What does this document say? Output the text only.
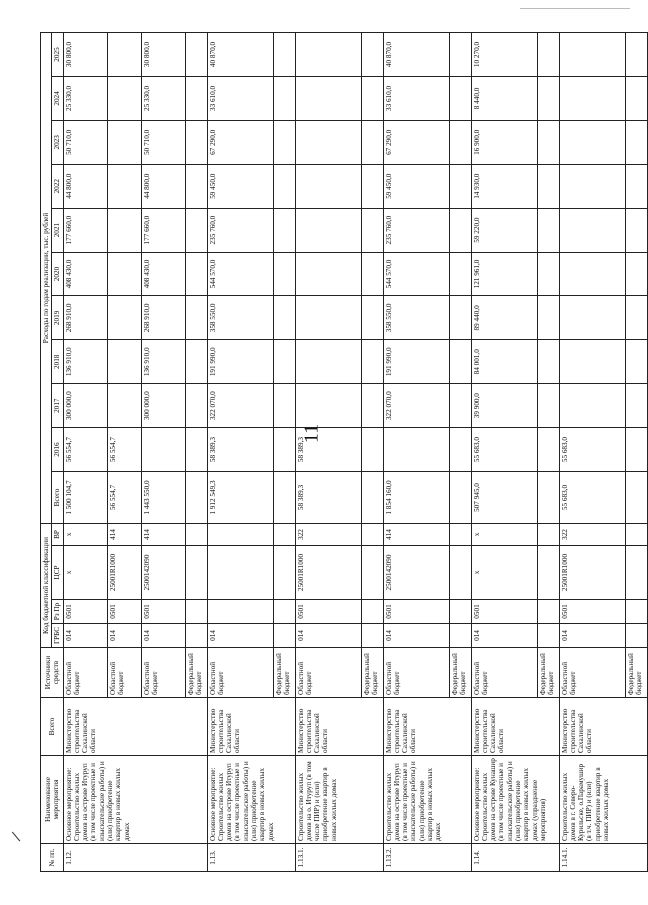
11
№ пп.	Наименование мероприятия	Всего	Источники средств	Код бюджетной классификации				Расходы по годам реализации, тыс. рублей										
				ГРБС	Рз Пр	ЦСР	ВР	Всего	2016	2017	2018	2019	2020	2021	2022	2023	2024	2025
1.12.	Основное мероприятие: Строительство жилых домов на острове Итуруп (в том числе проектные и изыскательские работы) и (или) приобретение квартир в новых жилых домах	Министерство строительства Сахалинской области	Областной бюджет	014	0501	х	х	1 500 104,7	56 554,7	300 000,0	136 910,0	268 910,0	408 430,0	177 660,0	44 800,0	50 710,0	25 330,0	30 800,0
			Областной бюджет	014	0501	25001R1000	414	56 554,7	56 554,7									
			Областной бюджет	014	0501	2500142090	414	1 443 550,0		300 000,0	136 910,0	268 910,0	408 430,0	177 660,0	44 800,0	50 710,0	25 330,0	30 800,0
			Федеральный бюджет															
1.13.	Основное мероприятие: Строительство жилых домов на острове Итуруп (в том числе проектные и изыскательские работы) и (или) приобретение квартир в новых жилых домах	Министерство строительства Сахалинской области	Областной бюджет	014				1 912 549,3	58 389,3	322 070,0	191 990,0	358 550,0	544 570,0	235 760,0	59 450,0	67 290,0	33 610,0	40 870,0
			Федеральный бюджет															
1.13.1.	Строительство жилых домов на о. Итуруп (в том числе ПИР) и (или) приобретение квартир в новых жилых домах	Министерство строительства Сахалинской области	Областной бюджет	014	0501	25001R1000	322	58 389,3	58 389,3									
			Федеральный бюджет															
1.13.2.	Строительство жилых домов на острове Итуруп (в том числе проектные и изыскательские работы) и (или) приобретение квартир в новых жилых домах	Министерство строительства Сахалинской области	Областной бюджет	014	0501	2500142090	414	1 854 160,0		322 070,0	191 990,0	358 550,0	544 570,0	235 760,0	59 450,0	67 290,0	33 610,0	40 870,0
			Федеральный бюджет															
1.14.	Основное мероприятие: Строительство жилых домов на острове Кунашир (в том числе проектные и изыскательские работы) и (или) приобретение квартир в новых жилых домах (упразднение мероприятия)	Министерство строительства Сахалинской области	Областной бюджет	014	0501	х	х	507 945,0	55 683,0	39 900,0	84 001,0	89 440,0	121 961,0	59 220,0	14 930,0	16 900,0	8 440,0	10 270,0
			Федеральный бюджет															
1.14.1.	Строительство жилых домов в г. Северо-Курильске, о.Парамушир (в т.ч. ПИР) и (или) приобретение квартир в новых жилых домах	Министерство строительства Сахалинской области	Областной бюджет	014	0501	25001R1000	322	55 683,0	55 683,0									
			Федеральный бюджет															
